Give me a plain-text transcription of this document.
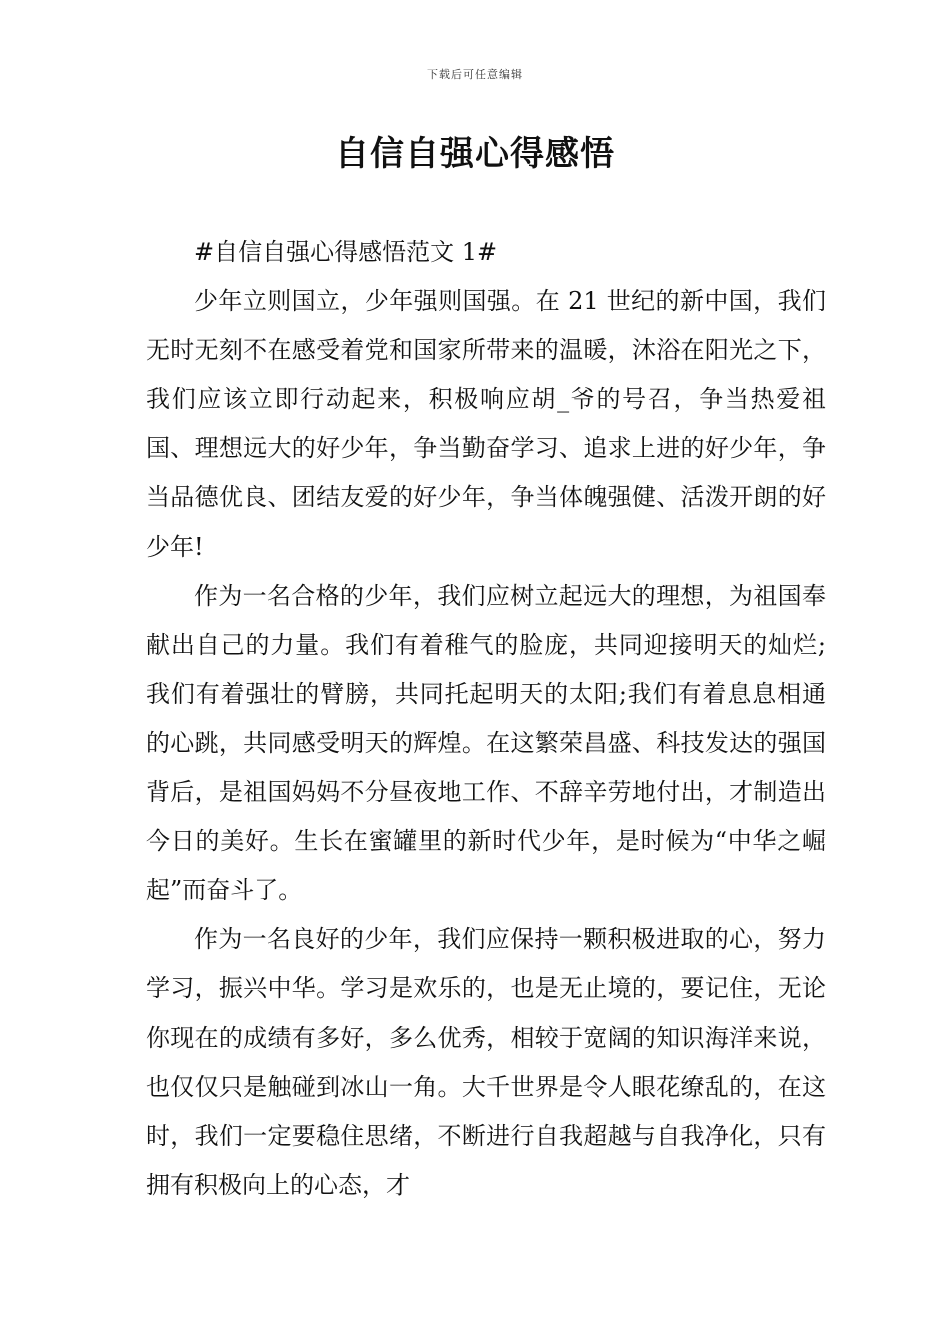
下载后可任意编辑
自信自强心得感悟

#自信自强心得感悟范文 1#

少年立则国立，少年强则国强。在 21 世纪的新中国，我们无时无刻不在感受着党和国家所带来的温暖，沐浴在阳光之下，我们应该立即行动起来，积极响应胡_爷的号召，争当热爱祖国、理想远大的好少年，争当勤奋学习、追求上进的好少年，争当品德优良、团结友爱的好少年，争当体魄强健、活泼开朗的好少年!

作为一名合格的少年，我们应树立起远大的理想，为祖国奉献出自己的力量。我们有着稚气的脸庞，共同迎接明天的灿烂;我们有着强壮的臂膀，共同托起明天的太阳;我们有着息息相通的心跳，共同感受明天的辉煌。在这繁荣昌盛、科技发达的强国背后，是祖国妈妈不分昼夜地工作、不辞辛劳地付出，才制造出今日的美好。生长在蜜罐里的新时代少年，是时候为“中华之崛起”而奋斗了。

作为一名良好的少年，我们应保持一颗积极进取的心，努力学习，振兴中华。学习是欢乐的，也是无止境的，要记住，无论你现在的成绩有多好，多么优秀，相较于宽阔的知识海洋来说，也仅仅只是触碰到冰山一角。大千世界是令人眼花缭乱的，在这时，我们一定要稳住思绪，不断进行自我超越与自我净化，只有拥有积极向上的心态，才
